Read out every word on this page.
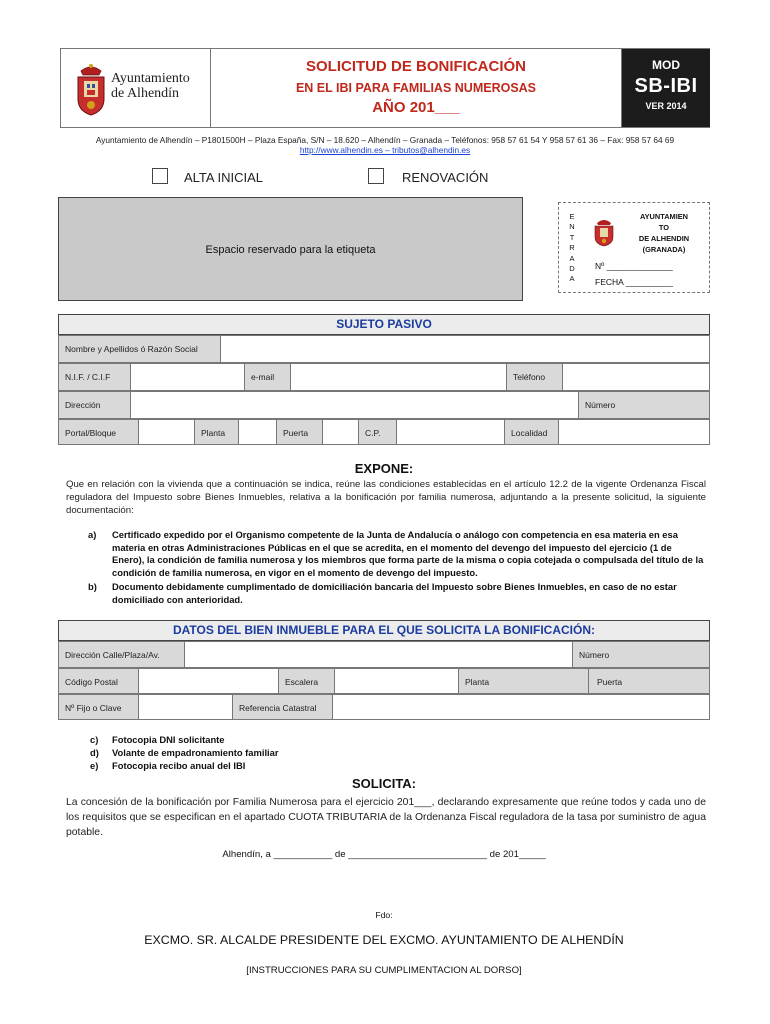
Ayuntamiento
de Alhendín
SOLICITUD DE BONIFICACIÓN
EN EL IBI PARA FAMILIAS NUMEROSAS
AÑO 201___
MOD
SB-IBI
VER 2014
Ayuntamiento de Alhendín – P1801500H – Plaza España, S/N – 18.620 – Alhendín – Granada – Teléfonos: 958 57 61 54 Y 958 57 61 36 – Fax: 958 57 64 69
http://www.alhendin.es – tributos@alhendin.es
ALTA INICIAL	RENOVACIÓN
Espacio reservado para la etiqueta
E
N
T
R
A
D
A
AYUNTAMIEN
TO
DE ALHENDIN
(GRANADA)
Nº ______________
FECHA __________
SUJETO PASIVO
Nombre y Apellidos ó Razón Social
N.I.F. / C.I.F	e-mail	Teléfono
Dirección	Número
Portal/Bloque	Planta	Puerta	C.P.	Localidad
EXPONE:
Que en relación con la vivienda que a continuación se indica, reúne las condiciones establecidas en el artículo 12.2 de la vigente Ordenanza Fiscal reguladora del Impuesto sobre Bienes Inmuebles, relativa a la bonificación por familia numerosa, adjuntando a la presente solicitud, la siguiente documentación:
a) Certificado expedido por el Organismo competente de la Junta de Andalucía o análogo con competencia en esa materia en esa materia en otras Administraciones Públicas en el que se acredita, en el momento del devengo del impuesto del ejercicio (1 de Enero), la condición de familia numerosa y los miembros que forma parte de la misma o copia cotejada o compulsada del título de la condición de familia numerosa, en vigor en el momento de devengo del impuesto.
b) Documento debidamente cumplimentado de domiciliación bancaria del Impuesto sobre Bienes Inmuebles, en caso de no estar domiciliado con anterioridad.
DATOS DEL BIEN INMUEBLE PARA EL QUE SOLICITA LA BONIFICACIÓN:
Dirección Calle/Plaza/Av.	Número
Código Postal	Escalera	Planta	Puerta
Nº Fijo o Clave	Referencia Catastral
c) Fotocopia DNI solicitante
d) Volante de empadronamiento familiar
e) Fotocopia recibo anual del IBI
SOLICITA:
La concesión de la bonificación por Familia Numerosa para el ejercicio 201___, declarando expresamente que reúne todos y cada uno de los requisitos que se especifican en el apartado CUOTA TRIBUTARIA de la Ordenanza Fiscal reguladora de la tasa por suministro de agua potable.
Alhendín, a ___________ de __________________________ de 201_____
Fdo:
EXCMO. SR. ALCALDE PRESIDENTE DEL EXCMO. AYUNTAMIENTO DE ALHENDÍN
[INSTRUCCIONES PARA SU CUMPLIMENTACION AL DORSO]
